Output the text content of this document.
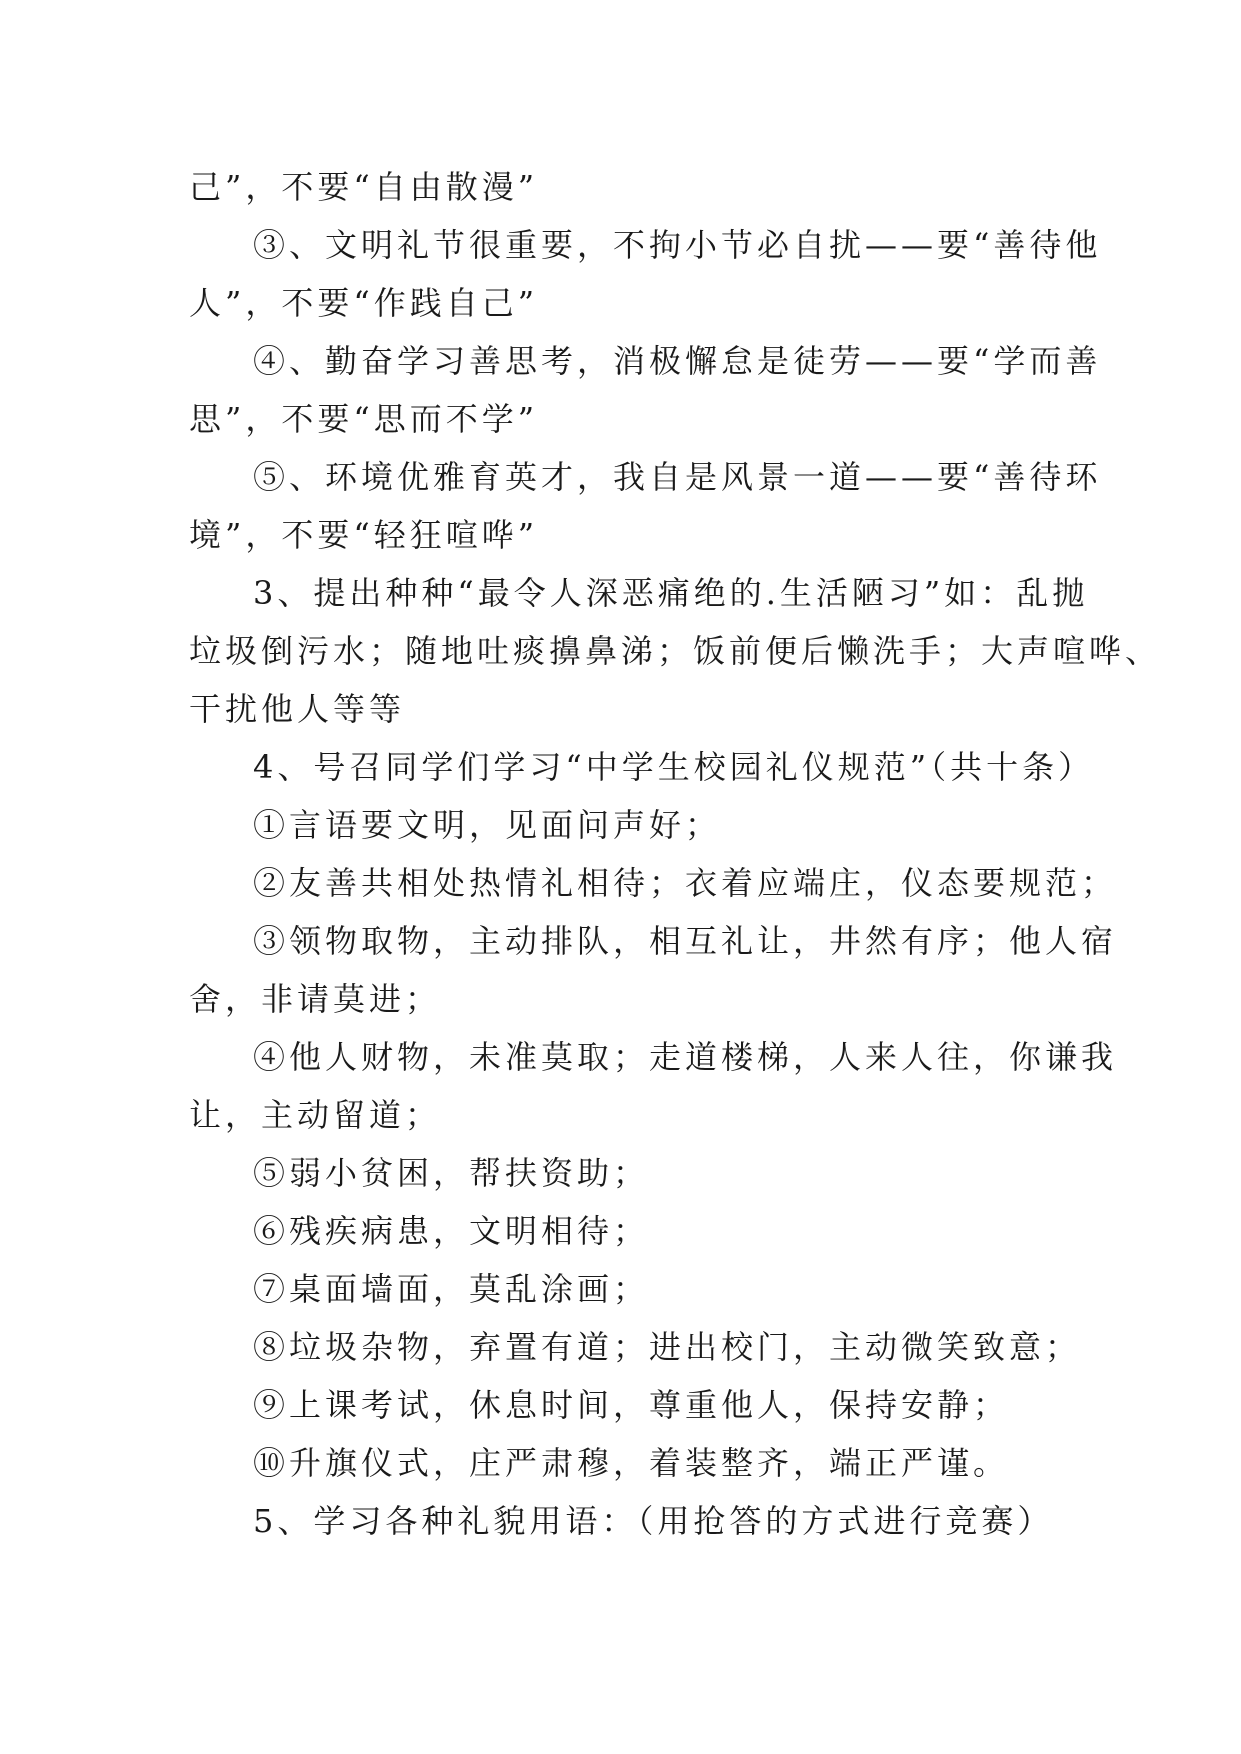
己”，不要“自由散漫”
③、文明礼节很重要，不拘小节必自扰——要“善待他
人”，不要“作践自己”
④、勤奋学习善思考，消极懈怠是徒劳——要“学而善
思”，不要“思而不学”
⑤、环境优雅育英才，我自是风景一道——要“善待环
境”，不要“轻狂喧哗”
3、提出种种“最令人深恶痛绝的.生活陋习”如：乱抛
垃圾倒污水；随地吐痰擤鼻涕；饭前便后懒洗手；大声喧哗、
干扰他人等等
4、号召同学们学习“中学生校园礼仪规范”（共十条）
①言语要文明，见面问声好；
②友善共相处热情礼相待；衣着应端庄，仪态要规范；
③领物取物，主动排队，相互礼让，井然有序；他人宿
舍，非请莫进；
④他人财物，未准莫取；走道楼梯，人来人往，你谦我
让，主动留道；
⑤弱小贫困，帮扶资助；
⑥残疾病患，文明相待；
⑦桌面墙面，莫乱涂画；
⑧垃圾杂物，弃置有道；进出校门，主动微笑致意；
⑨上课考试，休息时间，尊重他人，保持安静；
⑩升旗仪式，庄严肃穆，着装整齐，端正严谨。
5、学习各种礼貌用语：（用抢答的方式进行竞赛）
